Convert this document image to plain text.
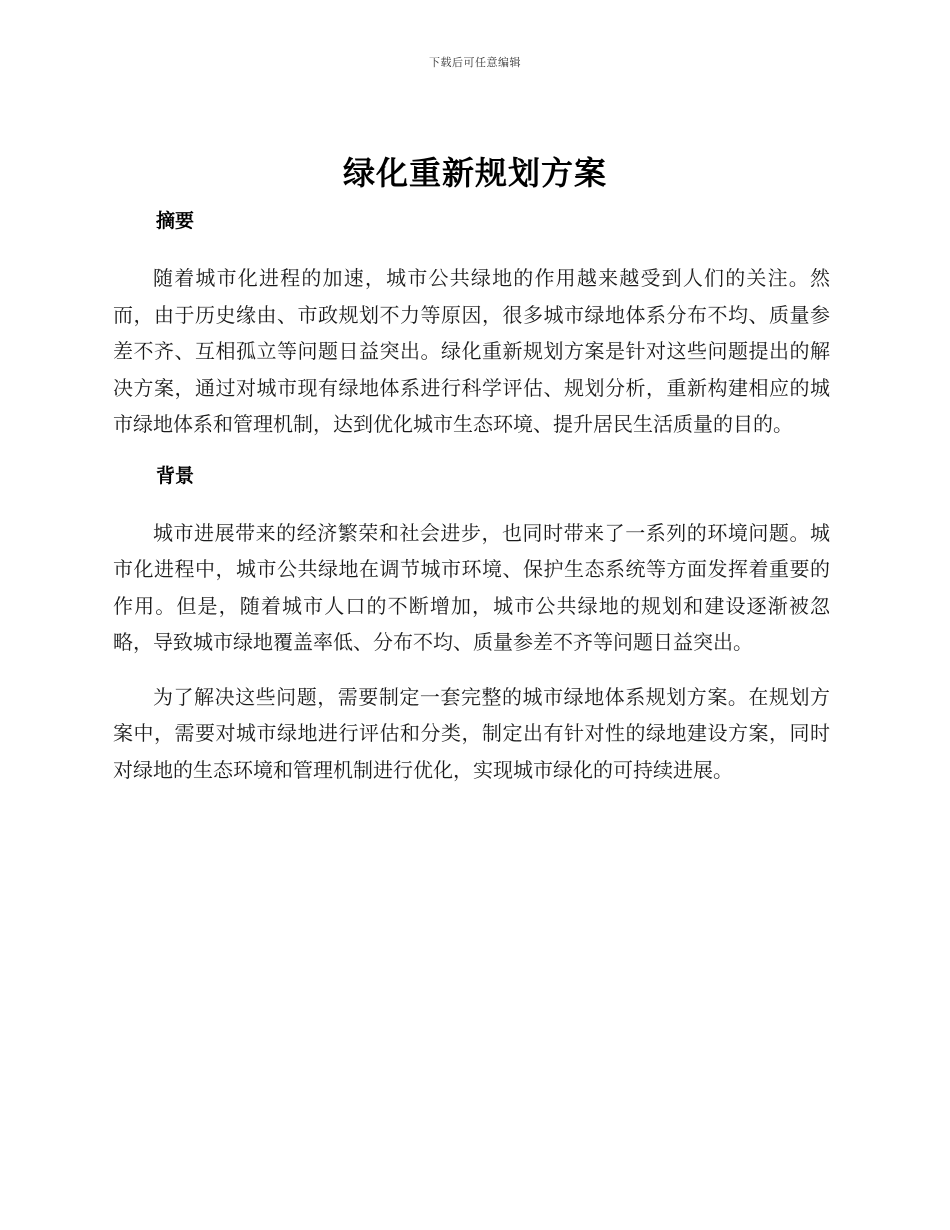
下载后可任意编辑
绿化重新规划方案
摘要

随着城市化进程的加速，城市公共绿地的作用越来越受到人们的关注。然而，由于历史缘由、市政规划不力等原因，很多城市绿地体系分布不均、质量参差不齐、互相孤立等问题日益突出。绿化重新规划方案是针对这些问题提出的解决方案，通过对城市现有绿地体系进行科学评估、规划分析，重新构建相应的城市绿地体系和管理机制，达到优化城市生态环境、提升居民生活质量的目的。

背景

城市进展带来的经济繁荣和社会进步，也同时带来了一系列的环境问题。城市化进程中，城市公共绿地在调节城市环境、保护生态系统等方面发挥着重要的作用。但是，随着城市人口的不断增加，城市公共绿地的规划和建设逐渐被忽略，导致城市绿地覆盖率低、分布不均、质量参差不齐等问题日益突出。

为了解决这些问题，需要制定一套完整的城市绿地体系规划方案。在规划方案中，需要对城市绿地进行评估和分类，制定出有针对性的绿地建设方案，同时对绿地的生态环境和管理机制进行优化，实现城市绿化的可持续进展。
